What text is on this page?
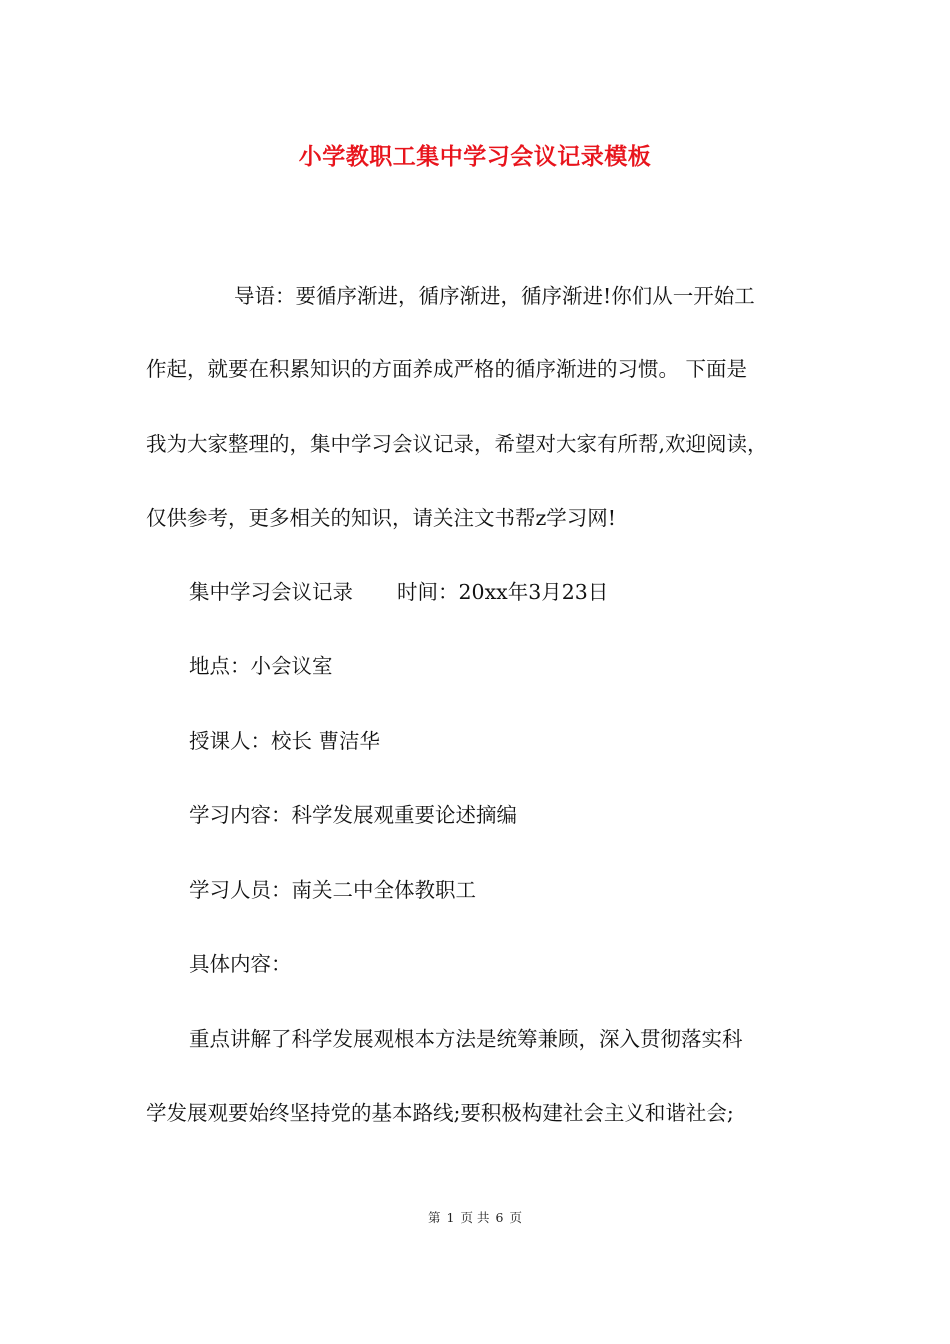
小学教职工集中学习会议记录模板
导语：要循序渐进，循序渐进，循序渐进!你们从一开始工
作起，就要在积累知识的方面养成严格的循序渐进的习惯。 下面是
我为大家整理的，集中学习会议记录，希望对大家有所帮,欢迎阅读，
仅供参考，更多相关的知识，请关注文书帮z学习网!
集中学习会议记录 时间：20xx年3月23日
地点：小会议室
授课人：校长 曹洁华
学习内容：科学发展观重要论述摘编
学习人员：南关二中全体教职工
具体内容：
重点讲解了科学发展观根本方法是统筹兼顾，深入贯彻落实科
学发展观要始终坚持党的基本路线;要积极构建社会主义和谐社会;
第 1 页 共 6 页
